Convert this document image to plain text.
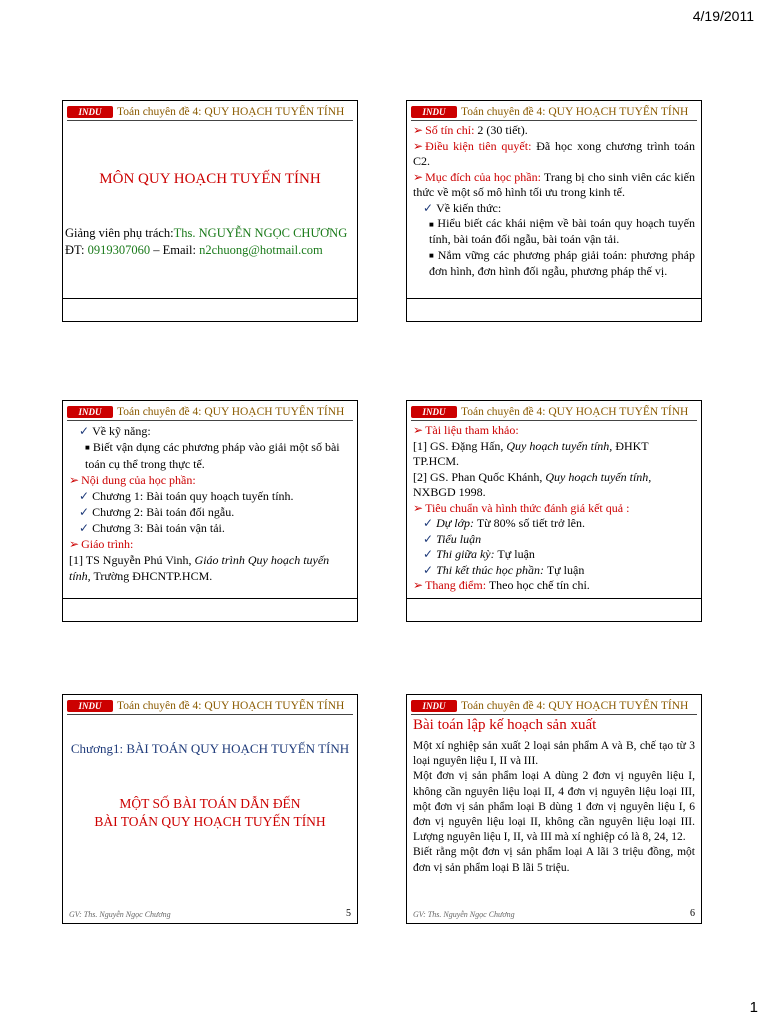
4/19/2011
INDU Toán chuyên đề 4: QUY HOẠCH TUYẾN TÍNH
MÔN QUY HOẠCH TUYẾN TÍNH

Giảng viên phụ trách:Ths. NGUYỄN NGỌC CHƯƠNG

ĐT: 0919307060 – Email: n2chuong@hotmail.com

INDU Toán chuyên đề 4: QUY HOẠCH TUYẾN TÍNH

➢ Số tín chỉ: 2 (30 tiết).

➢ Điều kiện tiên quyết: Đã học xong chương trình toán C2.

➢ Mục đích của học phần: Trang bị cho sinh viên các kiến thức về một số mô hình tối ưu trong kinh tế.

✓ Về kiến thức:

■ Hiểu biết các khái niệm về bài toán quy hoạch tuyến tính, bài toán đối ngẫu, bài toán vận tải.

■ Nắm vững các phương pháp giải toán: phương pháp đơn hình, đơn hình đối ngẫu, phương pháp thế vị.

INDU Toán chuyên đề 4: QUY HOẠCH TUYẾN TÍNH

✓ Về kỹ năng:

■ Biết vận dụng các phương pháp vào giải một số bài toán cụ thể trong thực tế.

➢ Nội dung của học phần:

✓ Chương 1: Bài toán quy hoạch tuyến tính.

✓ Chương 2: Bài toán đối ngẫu.

✓ Chương 3: Bài toán vận tải.

➢ Giáo trình:

[1] TS Nguyễn Phú Vinh, Giáo trình Quy hoạch tuyến tính, Trường ĐHCNTP.HCM.

INDU Toán chuyên đề 4: QUY HOẠCH TUYẾN TÍNH

➢ Tài liệu tham khảo:

[1] GS. Đặng Hấn, Quy hoạch tuyến tính, ĐHKT TP.HCM.

[2] GS. Phan Quốc Khánh, Quy hoạch tuyến tính, NXBGD 1998.

➢ Tiêu chuẩn và hình thức đánh giá kết quả :

✓ Dự lớp: Từ 80% số tiết trở lên.

✓ Tiểu luận

✓ Thi giữa kỳ: Tự luận

✓ Thi kết thúc học phần: Tự luận

➢ Thang điểm: Theo học chế tín chỉ.

INDU Toán chuyên đề 4: QUY HOẠCH TUYẾN TÍNH
Chương1: BÀI TOÁN QUY HOẠCH TUYẾN TÍNH

MỘT SỐ BÀI TOÁN DẪN ĐẾN

BÀI TOÁN QUY HOẠCH TUYẾN TÍNH

GV: Ths. Nguyễn Ngọc Chương	5
INDU Toán chuyên đề 4: QUY HOẠCH TUYẾN TÍNH
Bài toán lập kế hoạch sản xuất

Một xí nghiệp sản xuất 2 loại sản phẩm A và B, chế tạo từ 3 loại nguyên liệu I, II và III.

Một đơn vị sản phẩm loại A dùng 2 đơn vị nguyên liệu I, không cần nguyên liệu loại II, 4 đơn vị nguyên liệu loại III, một đơn vị sản phẩm loại B dùng 1 đơn vị nguyên liệu I, 6 đơn vị nguyên liệu loại II, không cần nguyên liệu loại III. Lượng nguyên liệu I, II, và III mà xí nghiệp có là 8, 24, 12.

Biết rằng một đơn vị sản phẩm loại A lãi 3 triệu đồng, một đơn vị sản phẩm loại B lãi 5 triệu.

GV: Ths. Nguyễn Ngọc Chương	6
1
